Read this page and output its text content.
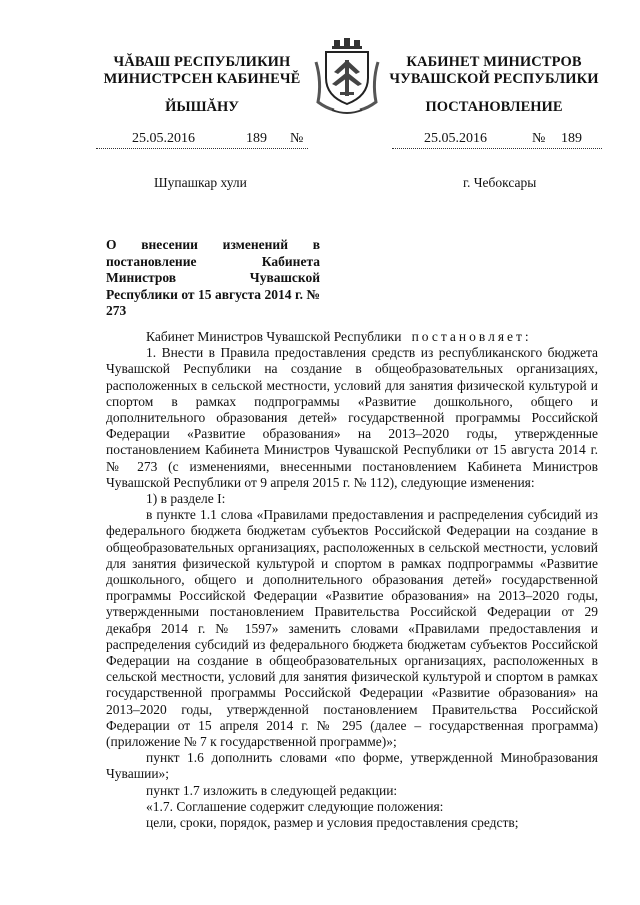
ЧĂВАШ РЕСПУБЛИКИН
МИНИСТРСЕН КАБИНЕЧĔ
КАБИНЕТ МИНИСТРОВ
ЧУВАШСКОЙ РЕСПУБЛИКИ
ЙЫШĂНУ	ПОСТАНОВЛЕНИЕ
25.05.2016	189 №	25.05.2016	№ 189
Шупашкар хули	г. Чебоксары
О внесении изменений в постановление Кабинета Министров Чувашской Республики от 15 августа 2014 г. № 273

Кабинет Министров Чувашской Республики постановляет:

1. Внести в Правила предоставления средств из республиканского бюджета Чувашской Республики на создание в общеобразовательных организациях, расположенных в сельской местности, условий для занятия физической культурой и спортом в рамках подпрограммы «Развитие дошкольного, общего и дополнительного образования детей» государственной программы Российской Федерации «Развитие образования» на 2013–2020 годы, утвержденные постановлением Кабинета Министров Чувашской Республики от 15 августа 2014 г. № 273 (с изменениями, внесенными постановлением Кабинета Министров Чувашской Республики от 9 апреля 2015 г. № 112), следующие изменения:

1) в разделе I:

в пункте 1.1 слова «Правилами предоставления и распределения субсидий из федерального бюджета бюджетам субъектов Российской Федерации на создание в общеобразовательных организациях, расположенных в сельской местности, условий для занятия физической культурой и спортом в рамках подпрограммы «Развитие дошкольного, общего и дополнительного образования детей» государственной программы Российской Федерации «Развитие образования» на 2013–2020 годы, утвержденными постановлением Правительства Российской Федерации от 29 декабря 2014 г. № 1597» заменить словами «Правилами предоставления и распределения субсидий из федерального бюджета бюджетам субъектов Российской Федерации на создание в общеобразовательных организациях, расположенных в сельской местности, условий для занятия физической культурой и спортом в рамках государственной программы Российской Федерации «Развитие образования» на 2013–2020 годы, утвержденной постановлением Правительства Российской Федерации от 15 апреля 2014 г. № 295 (далее – государственная программа) (приложение № 7 к государственной программе)»;

пункт 1.6 дополнить словами «по форме, утвержденной Минобразования Чувашии»;

пункт 1.7 изложить в следующей редакции:

«1.7. Соглашение содержит следующие положения:

цели, сроки, порядок, размер и условия предоставления средств;
